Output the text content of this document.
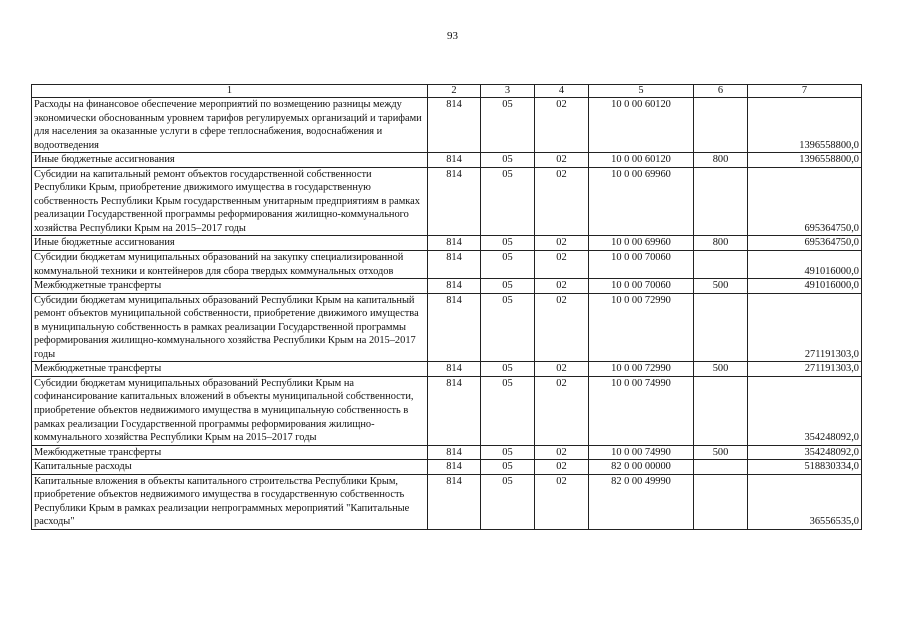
93
1	2	3	4	5	6	7
Расходы на финансовое обеспечение мероприятий по возмещению разницы между экономически обоснованным уровнем тарифов регулируемых организаций и тарифами для населения за оказанные услуги в сфере теплоснабжения, водоснабжения и водоотведения	814	05	02	10 0 00 60120		1396558800,0
Иные бюджетные ассигнования	814	05	02	10 0 00 60120	800	1396558800,0
Субсидии на капитальный ремонт объектов государственной собственности Республики Крым, приобретение движимого имущества в государственную собственность Республики Крым государственным унитарным предприятиям в рамках реализации Государственной программы реформирования жилищно-коммунального хозяйства Республики Крым на 2015–2017 годы	814	05	02	10 0 00 69960		695364750,0
Иные бюджетные ассигнования	814	05	02	10 0 00 69960	800	695364750,0
Субсидии бюджетам муниципальных образований на закупку специализированной коммунальной техники и контейнеров для сбора твердых коммунальных отходов	814	05	02	10 0 00 70060		491016000,0
Межбюджетные трансферты	814	05	02	10 0 00 70060	500	491016000,0
Субсидии бюджетам муниципальных образований Республики Крым на капитальный ремонт объектов муниципальной собственности, приобретение движимого имущества в муниципальную собственность в рамках реализации Государственной программы реформирования жилищно-коммунального хозяйства Республики Крым на 2015–2017 годы	814	05	02	10 0 00 72990		271191303,0
Межбюджетные трансферты	814	05	02	10 0 00 72990	500	271191303,0
Субсидии бюджетам муниципальных образований Республики Крым на софинансирование капитальных вложений в объекты муниципальной собственности, приобретение объектов недвижимого имущества в муниципальную собственность в рамках реализации Государственной программы реформирования жилищно-коммунального хозяйства Республики Крым на 2015–2017 годы	814	05	02	10 0 00 74990		354248092,0
Межбюджетные трансферты	814	05	02	10 0 00 74990	500	354248092,0
Капитальные расходы	814	05	02	82 0 00 00000		518830334,0
Капитальные вложения в объекты капитального строительства Республики Крым, приобретение объектов недвижимого имущества в государственную собственность Республики Крым в рамках реализации непрограммных мероприятий "Капитальные расходы"	814	05	02	82 0 00 49990		36556535,0
